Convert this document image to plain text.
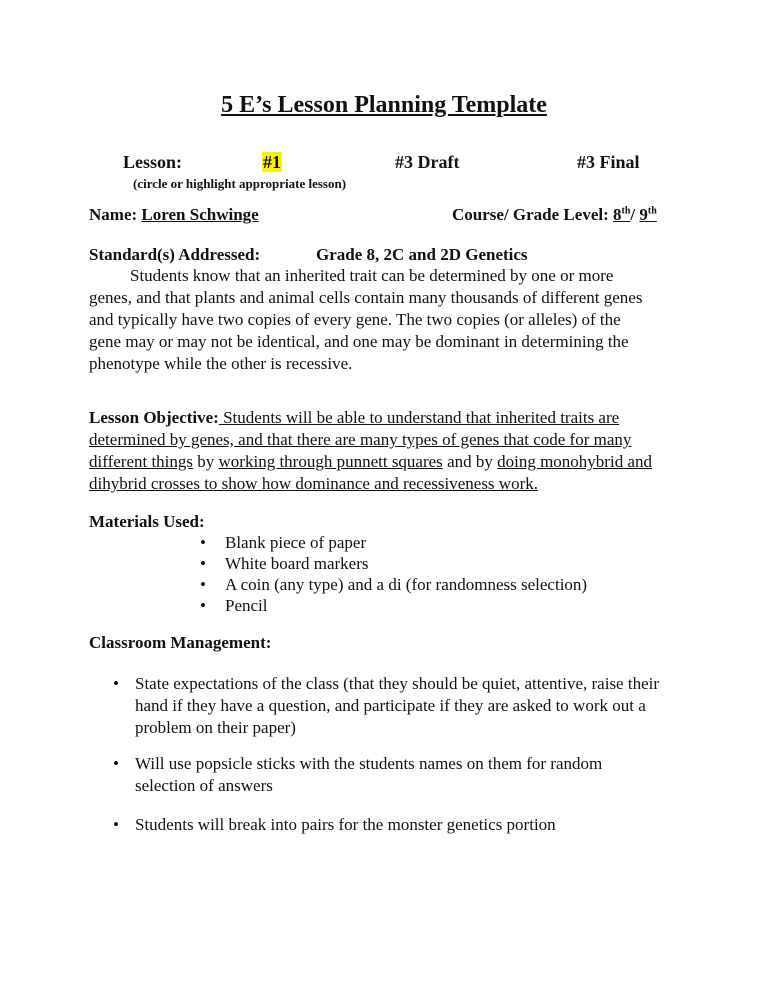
5 E’s Lesson Planning Template
Lesson:	#1	#3 Draft	#3 Final
(circle or highlight appropriate lesson)
Name: Loren Schwinge	Course/ Grade Level: 8th/ 9th
Standard(s) Addressed:	Grade 8, 2C and 2D Genetics
Students know that an inherited trait can be determined by one or more
genes, and that plants and animal cells contain many thousands of different genes
and typically have two copies of every gene. The two copies (or alleles) of the
gene may or may not be identical, and one may be dominant in determining the
phenotype while the other is recessive.
Lesson Objective: Students will be able to understand that inherited traits are
determined by genes, and that there are many types of genes that code for many
different things by working through punnett squares and by doing monohybrid and
dihybrid crosses to show how dominance and recessiveness work.
Materials Used:
• Blank piece of paper
• White board markers
• A coin (any type) and a di (for randomness selection)
• Pencil
Classroom Management:
• State expectations of the class (that they should be quiet, attentive, raise their
hand if they have a question, and participate if they are asked to work out a
problem on their paper)
• Will use popsicle sticks with the students names on them for random
selection of answers
• Students will break into pairs for the monster genetics portion
